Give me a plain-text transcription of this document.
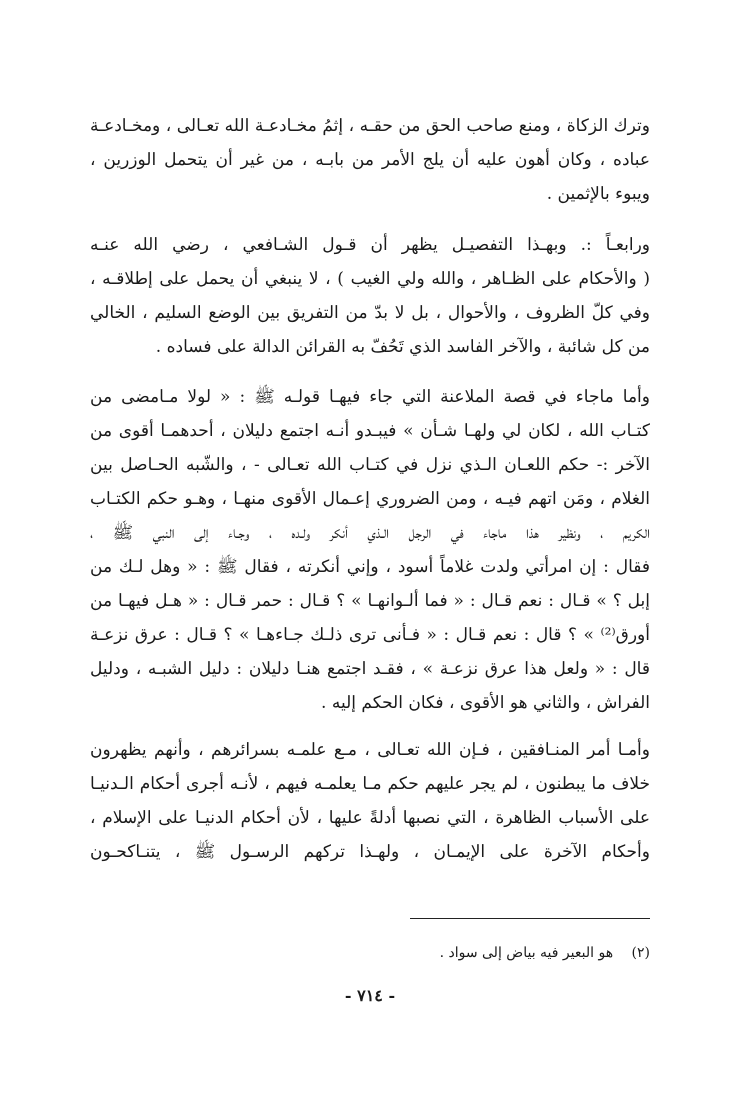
وترك الزكاة ، ومنع صاحب الحق من حقـه ، إثمُ مخـادعـة الله تعـالى ، ومخـادعـة
عباده ، وكان أهون عليه أن يلج الأمر من بابـه ، من غير أن يتحمل الوزرين ،
ويبوء بالإثمين .
ورابعـاً :. وبهـذا التفصيـل يظهر أن قـول الشـافعي ، رضي الله عنـه
( والأحكام على الظـاهر ، والله ولي الغيب ) ، لا ينبغي أن يحمل على إطلاقـه ،
وفي كلّ الظروف ، والأحوال ، بل لا بدّ من التفريق بين الوضع السليم ، الخالي
من كل شائبة ، والآخر الفاسد الذي تَحُفّ به القرائن الدالة على فساده .
وأما ماجاء في قصة الملاعنة التي جاء فيهـا قولـه ﷺ : « لولا مـامضى من
كتـاب الله ، لكان لي ولهـا شـأن » فيبـدو أنـه اجتمع دليلان ، أحدهمـا أقوى من
الآخر :- حكم اللعـان الـذي نزل في كتـاب الله تعـالى - ، والشّبه الحـاصل بين
الغلام ، ومَن اتهم فيـه ، ومن الضروري إعـمال الأقوى منهـا ، وهـو حكم الكتـاب
الكريم ، ونظير هذا ماجاء في الرجل الـذي أنكر ولـده ، وجـاء إلى النبي ﷺ ،
فقال : إن امرأتي ولدت غلاماً أسود ، وإني أنكرته ، فقال ﷺ : « وهل لـك من
إبل ؟ » قـال : نعم قـال : « فما ألـوانهـا » ؟ قـال : حمر قـال : « هـل فيهـا من
أورق⁽²⁾ » ؟ قال : نعم قـال : « فـأنى ترى ذلـك جـاءهـا » ؟ قـال : عرق نزعـة
قال : « ولعل هذا عرق نزعـة » ، فقـد اجتمع هنـا دليلان : دليل الشبـه ، ودليل
الفراش ، والثاني هو الأقوى ، فكان الحكم إليه .
وأمـا أمر المنـافقين ، فـإن الله تعـالى ، مـع علمـه بسرائرهم ، وأنهم يظهرون
خلاف ما يبطنون ، لم يجر عليهم حكم مـا يعلمـه فيهم ، لأنـه أجرى أحكام الـدنيـا
على الأسباب الظاهرة ، التي نصبها أدلةً عليها ، لأن أحكام الدنيـا على الإسلام ،
وأحكام الآخرة على الإيمـان ، ولهـذا تركهم الرسـول ﷺ ، يتنـاكحـون
(٢) هو البعير فيه بياض إلى سواد .
- ٧١٤ -
